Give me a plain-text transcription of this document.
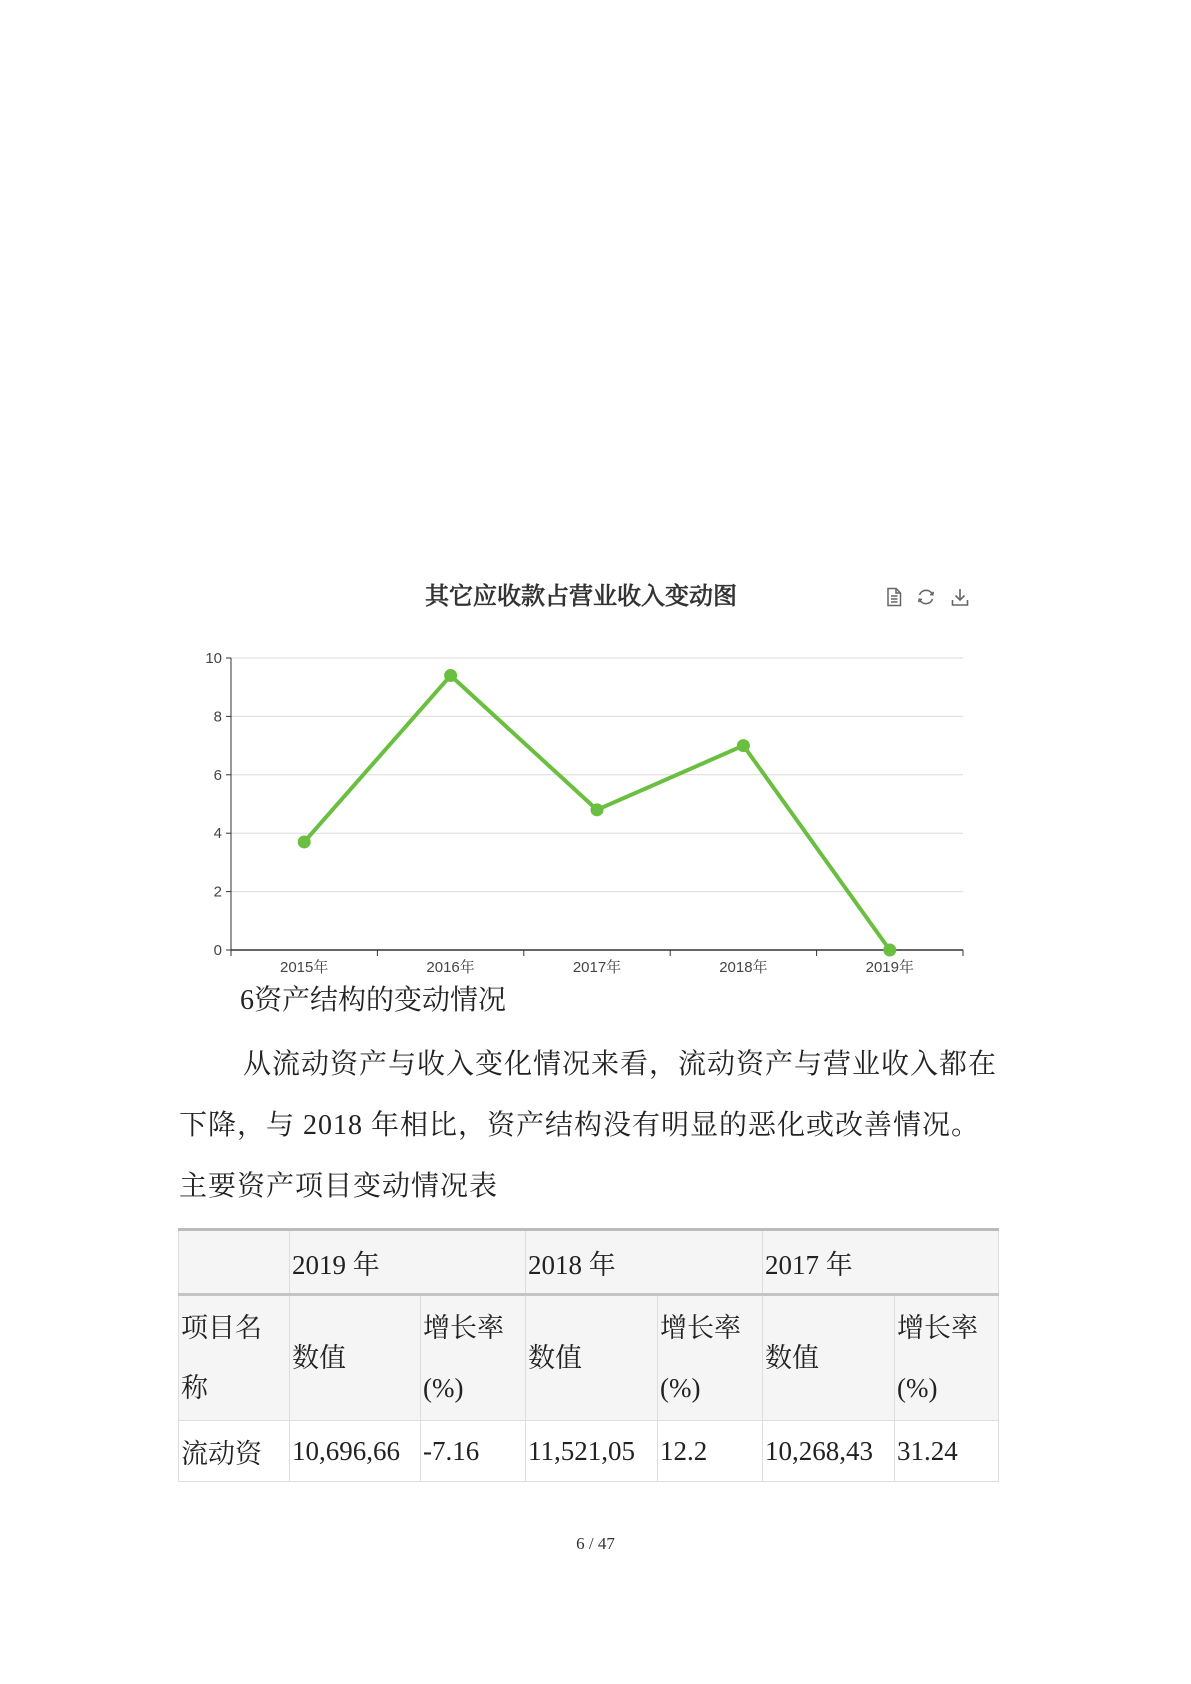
其它应收款占营业收入变动图
0
2
4
6
8
10
2015年	2016年	2017年	2018年	2019年
6资产结构的变动情况
从流动资产与收入变化情况来看，流动资产与营业收入都在
下降，与 2018 年相比，资产结构没有明显的恶化或改善情况。
主要资产项目变动情况表
	2019 年		2018 年		2017 年	

项目名称	数值	增长率(%)	数值	增长率(%)	数值	增长率(%)

流动资	10,696,66	-7.16	11,521,05	12.2	10,268,43	31.24
6 / 47
